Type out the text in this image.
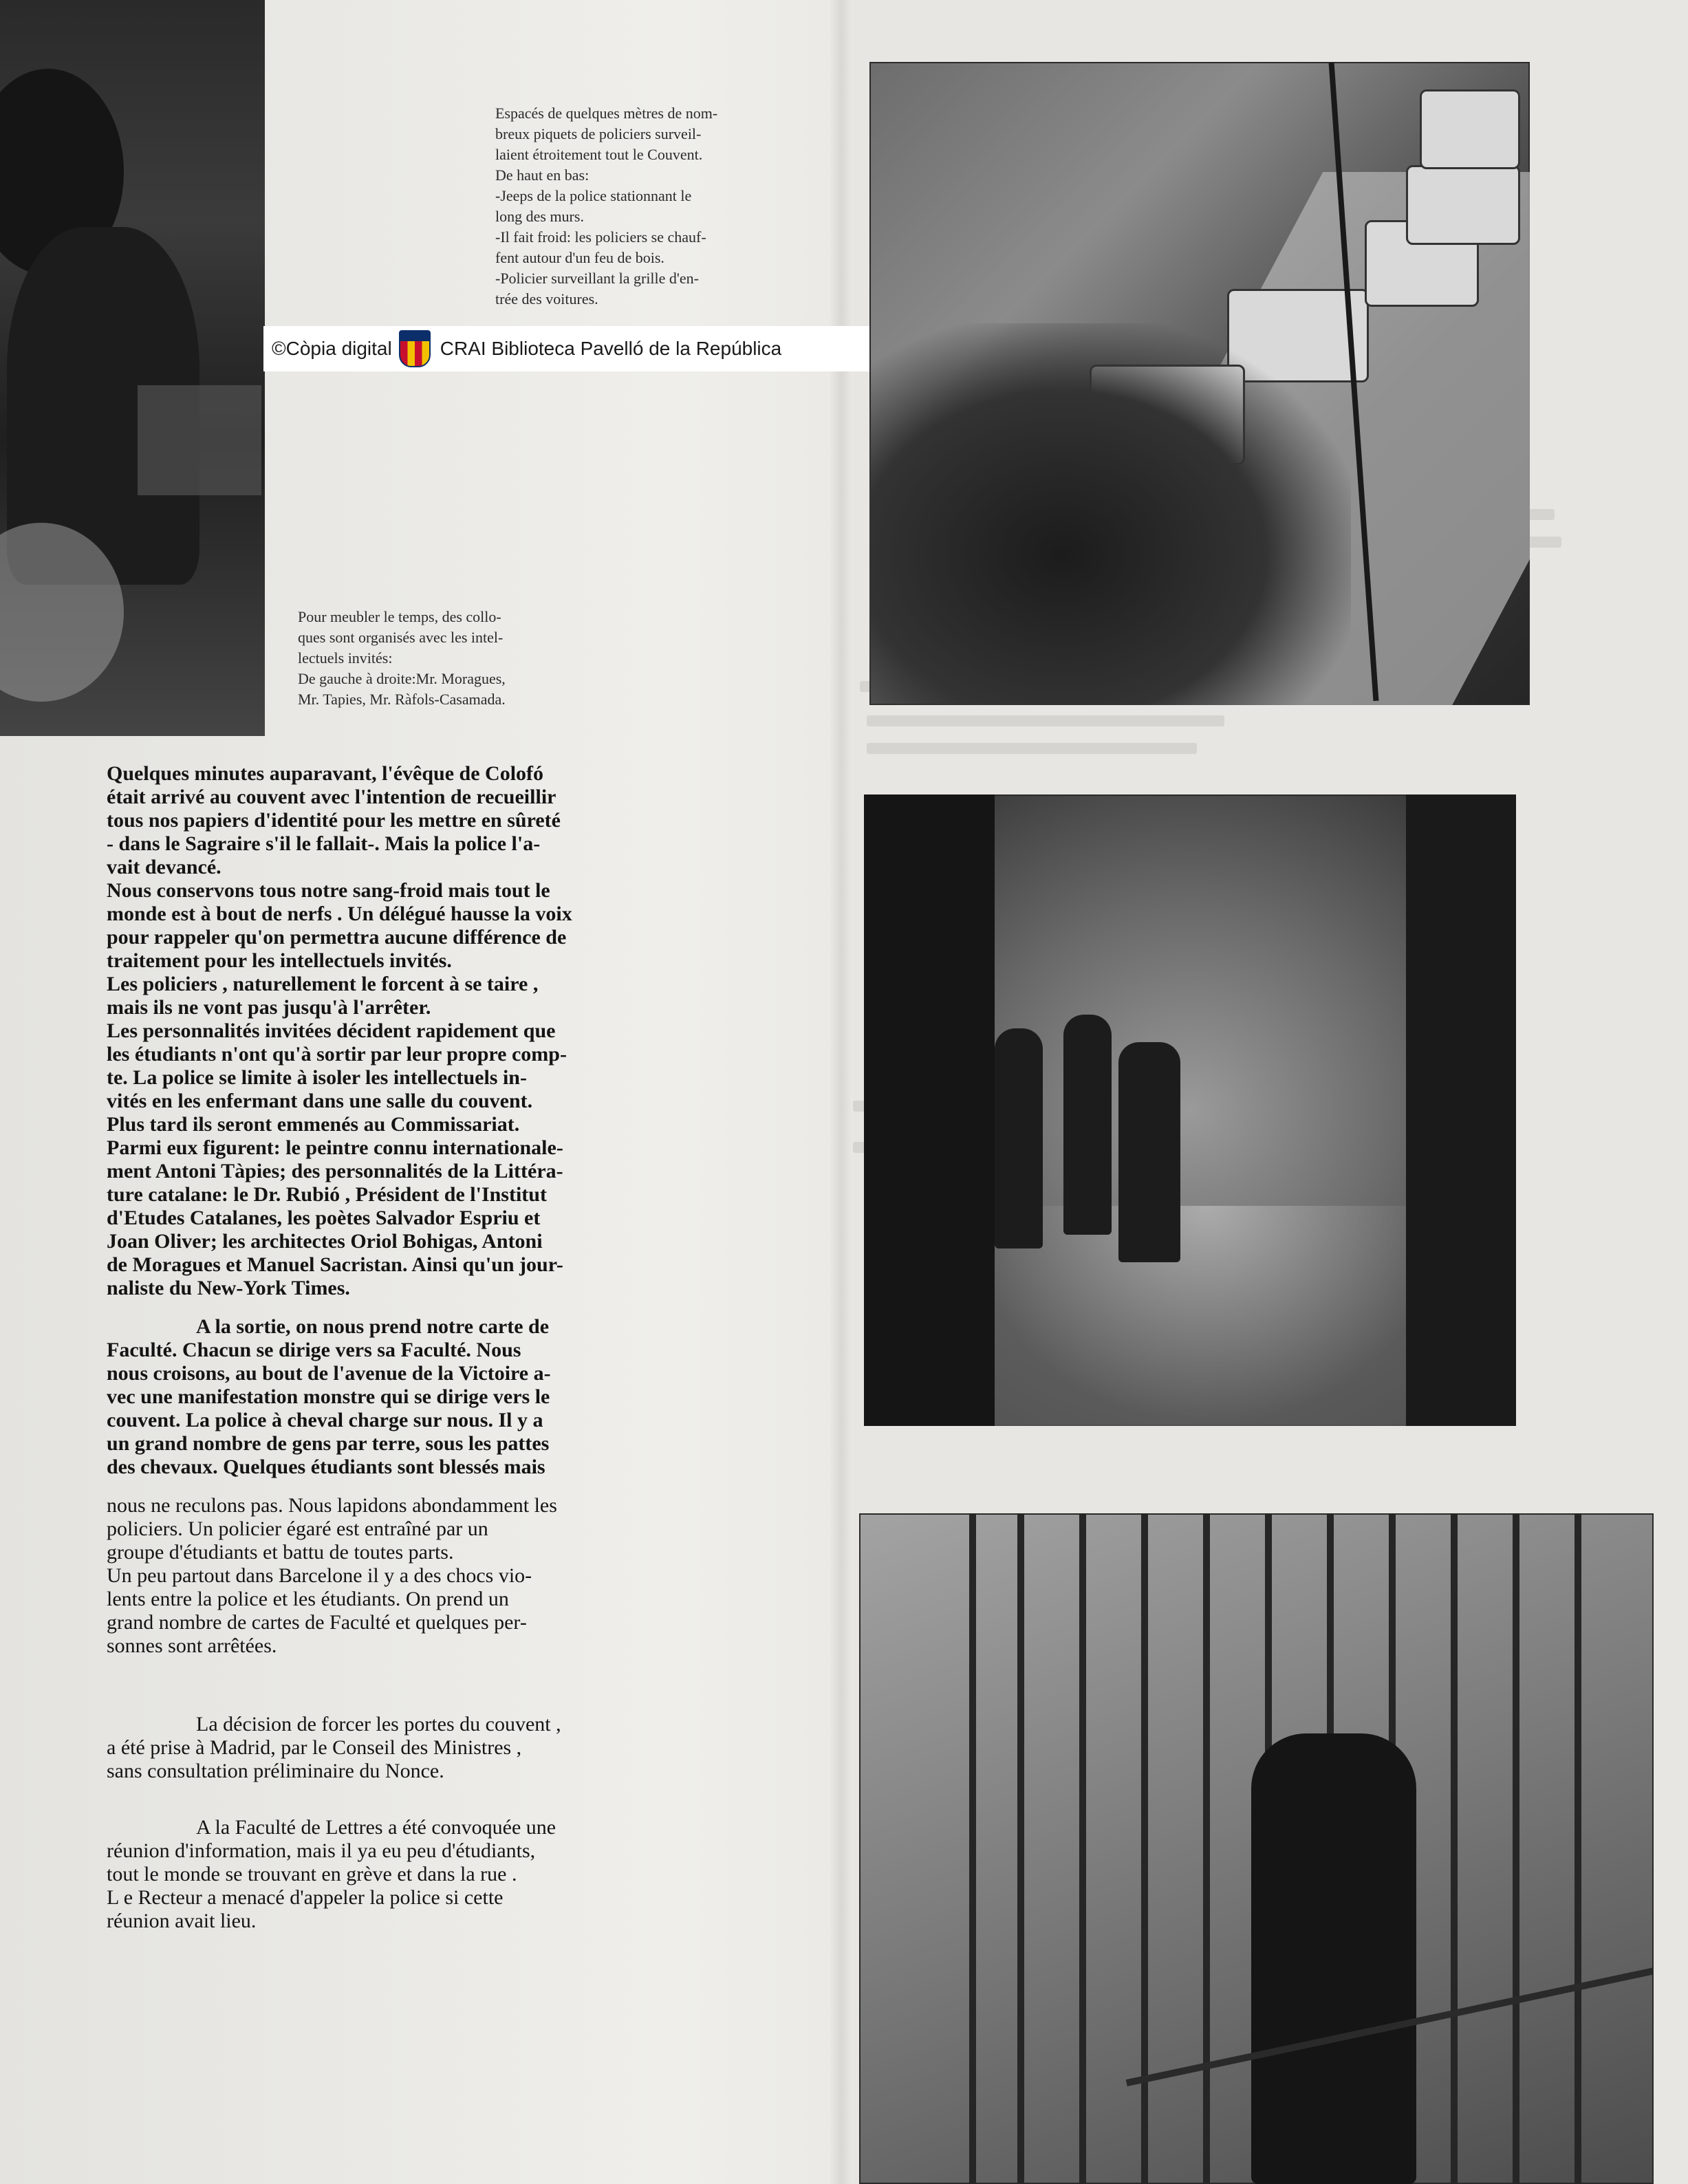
Espacés de quelques mètres de nom-
breux piquets de policiers surveil-
laient étroitement tout le Couvent.
De haut en bas:
-Jeeps de la police stationnant le
long des murs.
-Il fait froid: les policiers se chauf-
fent autour d'un feu de bois.
-Policier surveillant la grille d'en-
trée des voitures.
©Còpia digital	CRAI Biblioteca Pavelló de la República
Pour meubler le temps, des collo-
ques sont organisés avec les intel-
lectuels invités:
De gauche à droite:Mr. Moragues,
Mr. Tapies, Mr. Ràfols-Casamada.
Quelques minutes auparavant, l'évêque de Colofó
était arrivé au couvent avec l'intention de recueillir
tous nos papiers d'identité pour les mettre en sûreté
- dans le Sagraire s'il le fallait-. Mais la police l'a-
vait devancé.
Nous conservons tous notre sang-froid mais tout le
monde est à bout de nerfs . Un délégué hausse la voix
pour rappeler qu'on permettra aucune différence de
traitement pour les intellectuels invités.
Les policiers , naturellement le forcent à se taire ,
mais ils ne vont pas jusqu'à l'arrêter.
Les personnalités invitées décident rapidement que
les étudiants n'ont qu'à sortir par leur propre comp-
te. La police se limite à isoler les intellectuels in-
vités en les enfermant dans une salle du couvent.
Plus tard ils seront emmenés au Commissariat.
Parmi eux figurent: le peintre connu internationale-
ment Antoni Tàpies; des personnalités de la Littéra-
ture catalane: le Dr. Rubió , Président de l'Institut
d'Etudes Catalanes, les poètes Salvador Espriu et
Joan Oliver; les architectes Oriol Bohigas, Antoni
de Moragues et Manuel Sacristan. Ainsi qu'un jour-
naliste du New-York Times.
A la sortie, on nous prend notre carte de
Faculté. Chacun se dirige vers sa Faculté. Nous
nous croisons, au bout de l'avenue de la Victoire a-
vec une manifestation monstre qui se dirige vers le
couvent. La police à cheval charge sur nous. Il y a
un grand nombre de gens par terre, sous les pattes
des chevaux. Quelques étudiants sont blessés mais
nous ne reculons pas. Nous lapidons abondamment les
policiers. Un policier égaré est entraîné par un
groupe d'étudiants et battu de toutes parts.
Un peu partout dans Barcelone il y a des chocs vio-
lents entre la police et les étudiants. On prend un
grand nombre de cartes de Faculté et quelques per-
sonnes sont arrêtées.
La décision de forcer les portes du couvent ,
a été prise à Madrid, par le Conseil des Ministres ,
sans consultation préliminaire du Nonce.
A la Faculté de Lettres a été convoquée une
réunion d'information, mais il ya eu peu d'étudiants,
tout le monde se trouvant en grève et dans la rue .
L e Recteur a menacé d'appeler la police si cette
réunion avait lieu.
